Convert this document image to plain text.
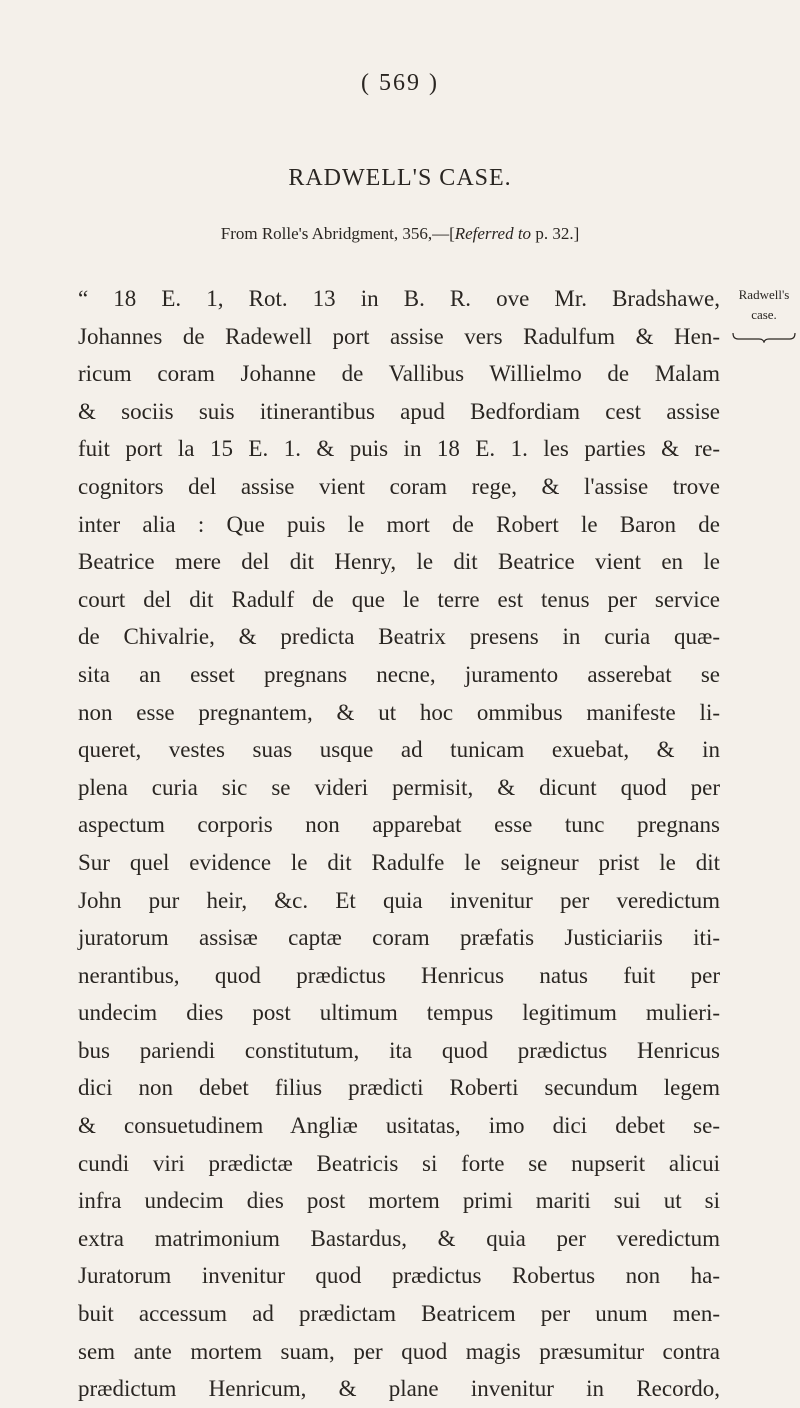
( 569 )
RADWELL'S CASE.
From Rolle's Abridgment, 356,—[Referred to p. 32.]
Radwell's
case.
“ 18 E. 1, Rot. 13 in B. R. ove Mr. Bradshawe,
Johannes de Radewell port assise vers Radulfum & Hen-
ricum coram Johanne de Vallibus Willielmo de Malam
& sociis suis itinerantibus apud Bedfordiam cest assise
fuit port la 15 E. 1. & puis in 18 E. 1. les parties & re-
cognitors del assise vient coram rege, & l'assise trove
inter alia : Que puis le mort de Robert le Baron de
Beatrice mere del dit Henry, le dit Beatrice vient en le
court del dit Radulf de que le terre est tenus per service
de Chivalrie, & predicta Beatrix presens in curia quæ-
sita an esset pregnans necne, juramento asserebat se
non esse pregnantem, & ut hoc ommibus manifeste li-
queret, vestes suas usque ad tunicam exuebat, & in
plena curia sic se videri permisit, & dicunt quod per
aspectum corporis non apparebat esse tunc pregnans
Sur quel evidence le dit Radulfe le seigneur prist le dit
John pur heir, &c. Et quia invenitur per veredictum
juratorum assisæ captæ coram præfatis Justiciariis iti-
nerantibus, quod prædictus Henricus natus fuit per
undecim dies post ultimum tempus legitimum mulieri-
bus pariendi constitutum, ita quod prædictus Henricus
dici non debet filius prædicti Roberti secundum legem
& consuetudinem Angliæ usitatas, imo dici debet se-
cundi viri prædictæ Beatricis si forte se nupserit alicui
infra undecim dies post mortem primi mariti sui ut si
extra matrimonium Bastardus, & quia per veredictum
Juratorum invenitur quod prædictus Robertus non ha-
buit accessum ad prædictam Beatricem per unum men-
sem ante mortem suam, per quod magis præsumitur contra
prædictum Henricum, & plane invenitur in Recordo,
